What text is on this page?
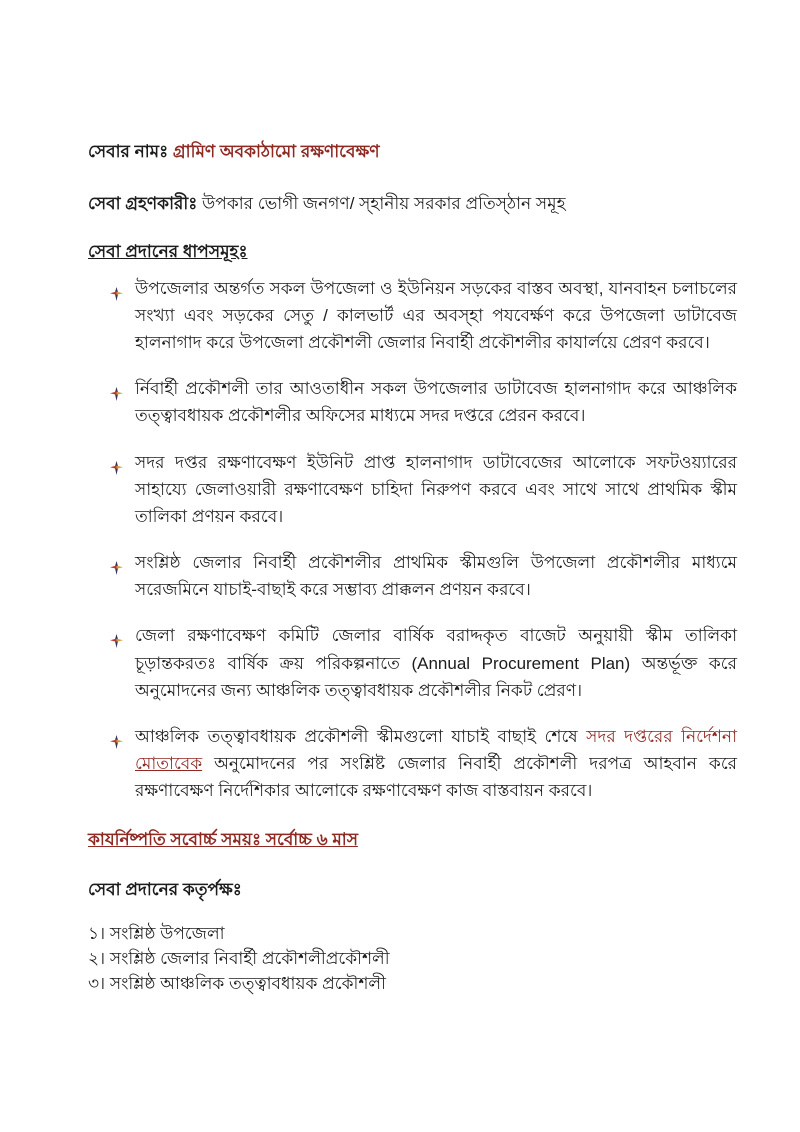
সেবার নামঃ গ্রামিণ অবকাঠামো রক্ষণাবেক্ষণ
সেবা গ্রহণকারীঃ উপকার ভোগী জনগণ/ স্হানীয় সরকার প্রতিস্ঠান সমূহ
সেবা প্রদানের ধাপসমূহঃ
উপজেলার অন্তর্গত সকল উপজেলা ও ইউনিয়ন সড়কের বাস্তব অবস্থা, যানবাহন চলাচলের সংখ্যা এবং সড়কের সেতু / কালভার্ট এর অবস্হা পযবের্ক্ষণ করে উপজেলা ডাটাবেজ হালনাগাদ করে উপজেলা প্রকৌশলী জেলার নিবার্হী প্রকৌশলীর কাযার্লয়ে প্রেরণ করবে।
র্নিবার্হী প্রকৌশলী তার আওতাধীন সকল উপজেলার ডাটাবেজ হালনাগাদ করে আঞ্চলিক তত্ত্বাবধায়ক প্রকৌশলীর অফিসের মাধ্যমে সদর দপ্তরে প্রেরন করবে।
সদর দপ্তর রক্ষণাবেক্ষণ ইউনিট প্রাপ্ত হালনাগাদ ডাটাবেজের আলোকে সফটওয়্যারের সাহায্যে জেলাওয়ারী রক্ষণাবেক্ষণ চাহিদা নিরুপণ করবে এবং সাথে সাথে প্রাথমিক স্কীম তালিকা প্রণয়ন করবে।
সংশ্লিষ্ঠ জেলার নিবার্হী প্রকৌশলীর প্রাথমিক স্কীমগুলি উপজেলা প্রকৌশলীর মাধ্যমে সরেজমিনে যাচাই-বাছাই করে সম্ভাব্য প্রাক্কলন প্রণয়ন করবে।
জেলা রক্ষণাবেক্ষণ কমিটি জেলার বার্ষিক বরাদ্দকৃত বাজেট অনুয়ায়ী স্কীম তালিকা চূড়ান্তকরতঃ বার্ষিক ক্রয় পরিকল্পনাতে (Annual Procurement Plan) অন্তর্ভূক্ত করে অনুমোদনের জন্য আঞ্চলিক তত্ত্বাবধায়ক প্রকৌশলীর নিকট প্রেরণ।
আঞ্চলিক তত্ত্বাবধায়ক প্রকৌশলী স্কীমগুলো যাচাই বাছাই শেষে সদর দপ্তরের নির্দেশনা মোতাবেক অনুমোদনের পর সংশ্লিষ্ট জেলার নিবার্হী প্রকৌশলী দরপত্র আহবান করে রক্ষণাবেক্ষণ নির্দেশিকার আলোকে রক্ষণাবেক্ষণ কাজ বাস্তবায়ন করবে।
কাযর্নিষ্পতি সবোর্চ্চ সময়ঃ সর্বোচ্চ ৬ মাস
সেবা প্রদানের কতৃর্পক্ষঃ
১। সংশ্লিষ্ঠ উপজেলা
২। সংশ্লিষ্ঠ জেলার নিবার্হী প্রকৌশলীপ্রকৌশলী
৩। সংশ্লিষ্ঠ আঞ্চলিক তত্ত্বাবধায়ক প্রকৌশলী
